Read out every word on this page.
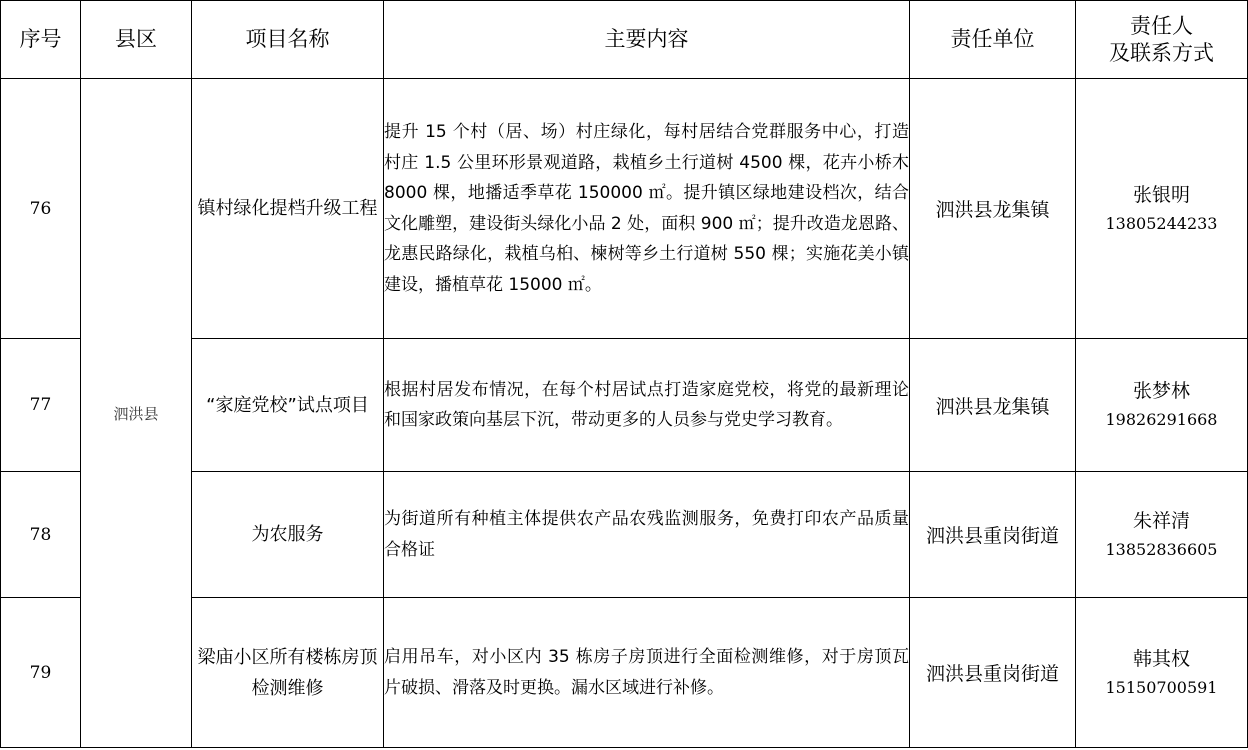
序号	县区	项目名称	主要内容	责任单位	责任人
及联系方式

76	泗洪县	镇村绿化提档升级工程	提升 15 个村（居、场）村庄绿化，每村居结合党群服务中心，打造村庄 1.5 公里环形景观道路，栽植乡土行道树 4500 棵，花卉小桥木 8000 棵，地播适季草花 150000 ㎡。提升镇区绿地建设档次，结合文化雕塑，建设街头绿化小品 2 处，面积 900 ㎡；提升改造龙恩路、龙惠民路绿化，栽植乌桕、楝树等乡土行道树 550 棵；实施花美小镇建设，播植草花 15000 ㎡。	泗洪县龙集镇	张银明
13805244233

77		“家庭党校”试点项目	根据村居发布情况，在每个村居试点打造家庭党校，将党的最新理论和国家政策向基层下沉，带动更多的人员参与党史学习教育。	泗洪县龙集镇	张梦林
19826291668

78		为农服务	为街道所有种植主体提供农产品农残监测服务，免费打印农产品质量合格证	泗洪县重岗街道	朱祥清
13852836605

79		梁庙小区所有楼栋房顶检测维修	启用吊车，对小区内 35 栋房子房顶进行全面检测维修，对于房顶瓦片破损、滑落及时更换。漏水区域进行补修。	泗洪县重岗街道	韩其权
15150700591
